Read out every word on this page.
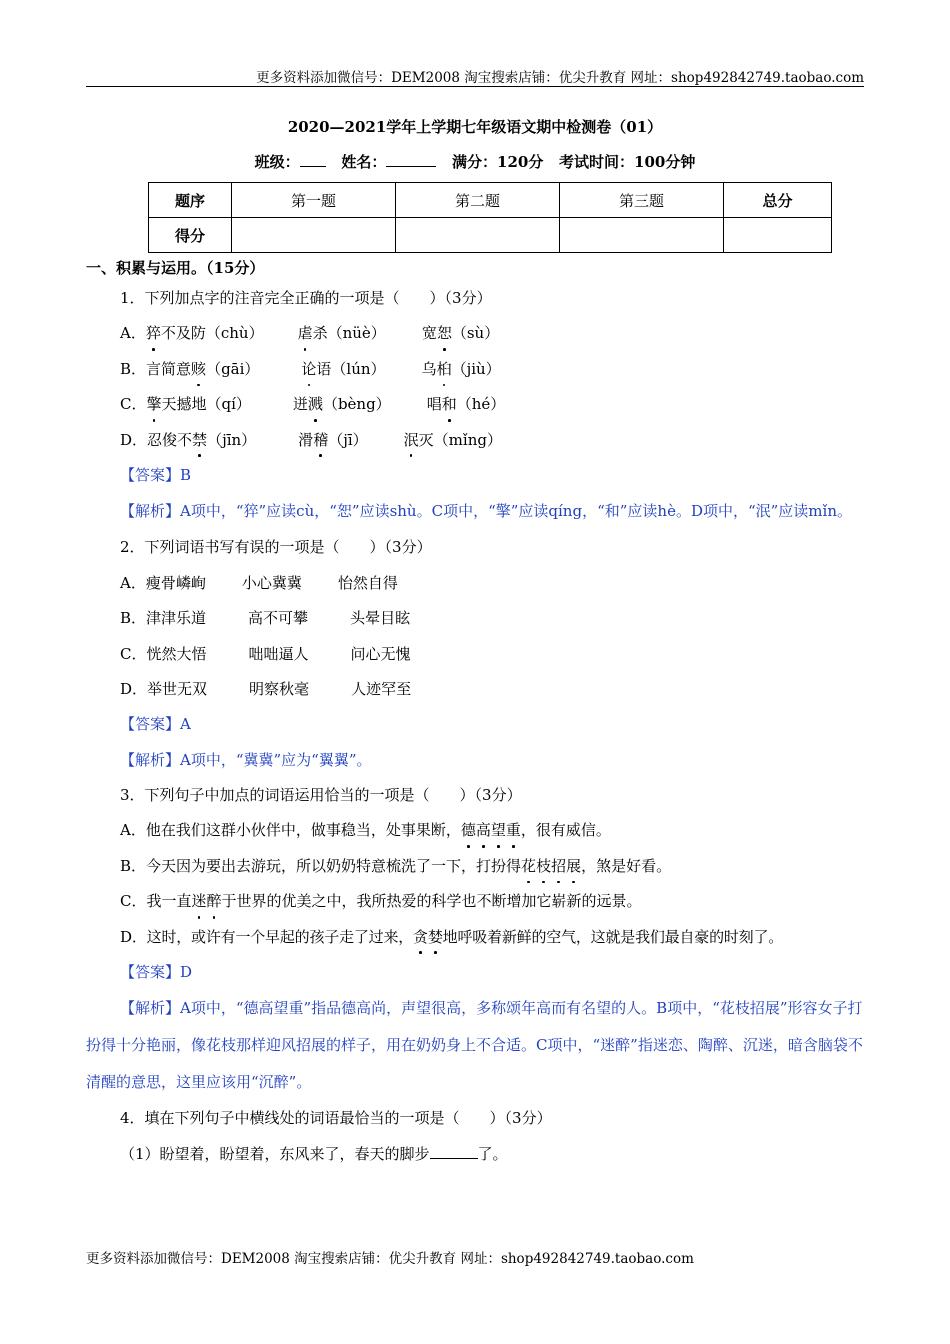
更多资料添加微信号：DEM2008 淘宝搜索店铺：优尖升教育 网址：shop492842749.taobao.com
2020—2021学年上学期七年级语文期中检测卷（01）
班级：	姓名：	满分：120分 考试时间：100分钟
题序	第一题	第二题	第三题	总分
得分				
一、积累与运用。（15分）
1．下列加点字的注音完全正确的一项是（　　）（3分）
A．猝不及防（chù） 虐杀（nüè） 宽恕（sù）
B．言简意赅（gāi）	论语（lún） 乌桕（jiù）
C．擎天撼地（qí）	迸溅（bèng） 唱和（hé）
D．忍俊不禁（jīn）	滑稽（jī） 泯灭（mǐng）
【答案】B
【解析】A项中，“猝”应读cù，“恕”应读shù。C项中，“擎”应读qíng，“和”应读hè。D项中，“泯”应读mǐn。
2．下列词语书写有误的一项是（　　）（3分）
A．瘦骨嶙峋 小心冀冀 怡然自得
B．津津乐道	高不可攀	头晕目眩
C．恍然大悟	咄咄逼人	问心无愧
D．举世无双	明察秋毫	人迹罕至
【答案】A
【解析】A项中，“冀冀”应为“翼翼”。
3．下列句子中加点的词语运用恰当的一项是（　　）（3分）
A．他在我们这群小伙伴中，做事稳当，处事果断，德高望重，很有威信。
B．今天因为要出去游玩，所以奶奶特意梳洗了一下，打扮得花枝招展，煞是好看。
C．我一直迷醉于世界的优美之中，我所热爱的科学也不断增加它崭新的远景。
D．这时，或许有一个早起的孩子走了过来，贪婪地呼吸着新鲜的空气，这就是我们最自豪的时刻了。
【答案】D
【解析】A项中，“德高望重”指品德高尚，声望很高，多称颂年高而有名望的人。B项中，“花枝招展”形容女子打扮得十分艳丽，像花枝那样迎风招展的样子，用在奶奶身上不合适。C项中，“迷醉”指迷恋、陶醉、沉迷，暗含脑袋不清醒的意思，这里应该用“沉醉”。
4．填在下列句子中横线处的词语最恰当的一项是（　　）（3分）
（1）盼望着，盼望着，东风来了，春天的脚步	了。
更多资料添加微信号：DEM2008 淘宝搜索店铺：优尖升教育 网址：shop492842749.taobao.com
